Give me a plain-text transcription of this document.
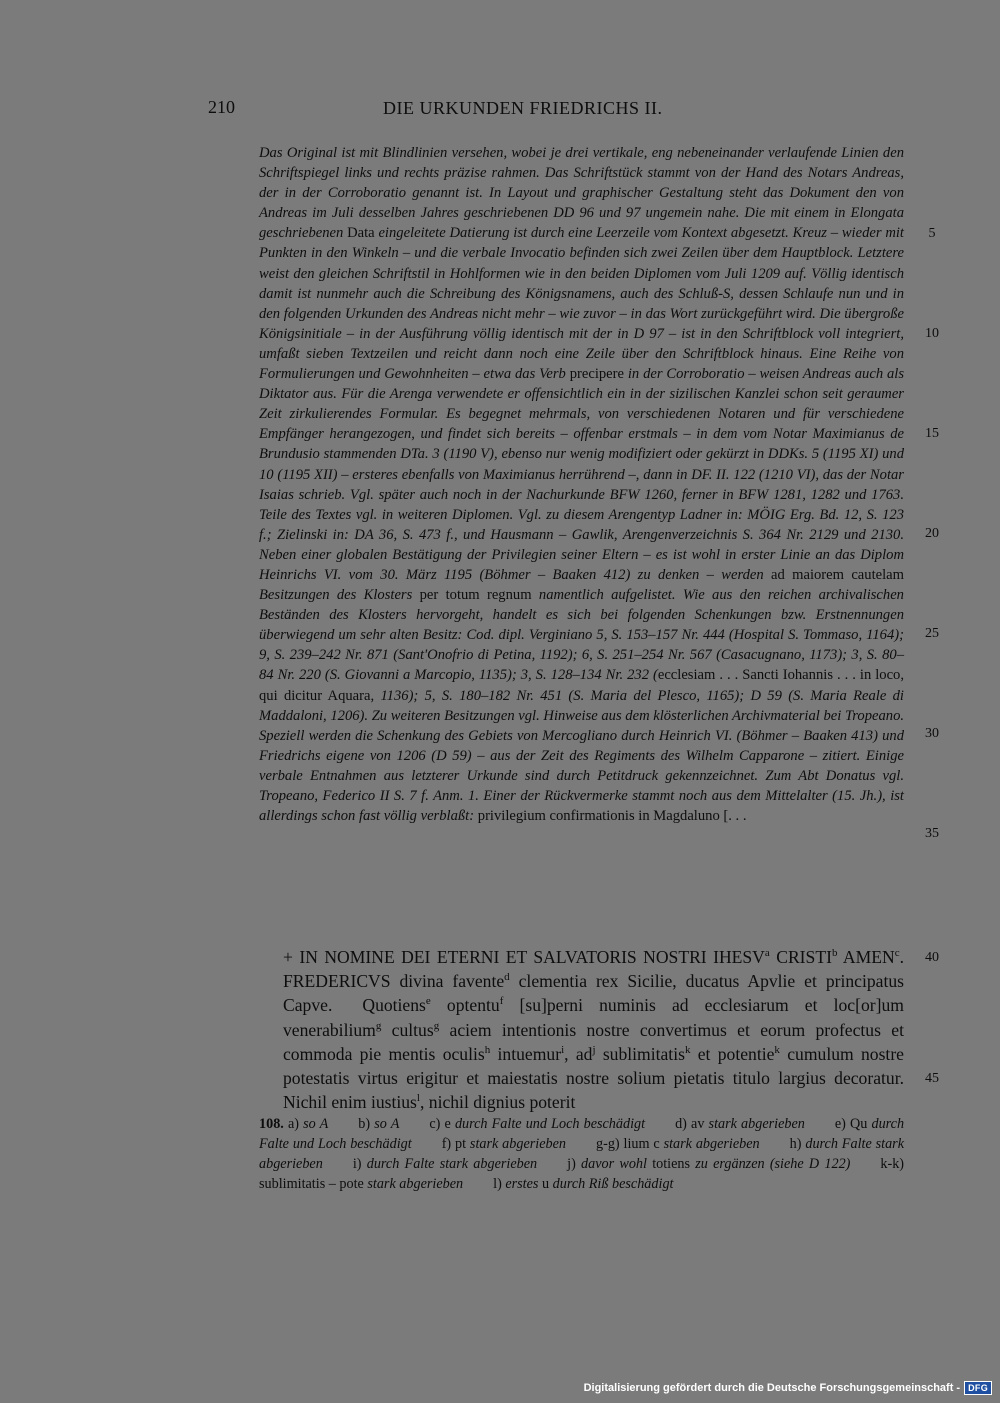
210	DIE URKUNDEN FRIEDRICHS II.

Das Original ist mit Blindlinien versehen, wobei je drei vertikale, eng nebeneinander verlaufende Linien den Schriftspiegel links und rechts präzise rahmen. Das Schriftstück stammt von der Hand des Notars Andreas, der in der Corroboratio genannt ist. In Layout und graphischer Gestaltung steht das Dokument den von Andreas im Juli desselben Jahres geschriebenen DD 96 und 97 ungemein nahe. Die mit einem in Elongata geschriebenen Data eingeleitete Datierung ist durch eine Leerzeile vom Kontext abgesetzt. Kreuz – wieder mit Punkten in den Winkeln – und die verbale Invocatio befinden sich zwei Zeilen über dem Hauptblock. Letztere weist den gleichen Schriftstil in Hohlformen wie in den beiden Diplomen vom Juli 1209 auf. Völlig identisch damit ist nunmehr auch die Schreibung des Königsnamens, auch des Schluß-S, dessen Schlaufe nun und in den folgenden Urkunden des Andreas nicht mehr – wie zuvor – in das Wort zurückgeführt wird. Die übergroße Königsinitiale – in der Ausführung völlig identisch mit der in D 97 – ist in den Schriftblock voll integriert, umfaßt sieben Textzeilen und reicht dann noch eine Zeile über den Schriftblock hinaus. Eine Reihe von Formulierungen und Gewohnheiten – etwa das Verb precipere in der Corroboratio – weisen Andreas auch als Diktator aus. Für die Arenga verwendete er offensichtlich ein in der sizilischen Kanzlei schon seit geraumer Zeit zirkulierendes Formular. Es begegnet mehrmals, von verschiedenen Notaren und für verschiedene Empfänger herangezogen, und findet sich bereits – offenbar erstmals – in dem vom Notar Maximianus de Brundusio stammenden DTa. 3 (1190 V), ebenso nur wenig modifiziert oder gekürzt in DDKs. 5 (1195 XI) und 10 (1195 XII) – ersteres ebenfalls von Maximianus herrührend –, dann in DF. II. 122 (1210 VI), das der Notar Isaias schrieb. Vgl. später auch noch in der Nachurkunde BFW 1260, ferner in BFW 1281, 1282 und 1763. Teile des Textes vgl. in weiteren Diplomen. Vgl. zu diesem Arengentyp Ladner in: MÖIG Erg. Bd. 12, S. 123 f.; Zielinski in: DA 36, S. 473 f., und Hausmann – Gawlik, Arengenverzeichnis S. 364 Nr. 2129 und 2130. Neben einer globalen Bestätigung der Privilegien seiner Eltern – es ist wohl in erster Linie an das Diplom Heinrichs VI. vom 30. März 1195 (Böhmer – Baaken 412) zu denken – werden ad maiorem cautelam Besitzungen des Klosters per totum regnum namentlich aufgelistet. Wie aus den reichen archivalischen Beständen des Klosters hervorgeht, handelt es sich bei folgenden Schenkungen bzw. Erstnennungen überwiegend um sehr alten Besitz: Cod. dipl. Verginiano 5, S. 153–157 Nr. 444 (Hospital S. Tommaso, 1164); 9, S. 239–242 Nr. 871 (Sant'Onofrio di Petina, 1192); 6, S. 251–254 Nr. 567 (Casacugnano, 1173); 3, S. 80–84 Nr. 220 (S. Giovanni a Marcopio, 1135); 3, S. 128–134 Nr. 232 (ecclesiam . . . Sancti Iohannis . . . in loco, qui dicitur Aquara, 1136); 5, S. 180–182 Nr. 451 (S. Maria del Plesco, 1165); D 59 (S. Maria Reale di Maddaloni, 1206). Zu weiteren Besitzungen vgl. Hinweise aus dem klösterlichen Archivmaterial bei Tropeano. Speziell werden die Schenkung des Gebiets von Mercogliano durch Heinrich VI. (Böhmer – Baaken 413) und Friedrichs eigene von 1206 (D 59) – aus der Zeit des Regiments des Wilhelm Capparone – zitiert. Einige verbale Entnahmen aus letzterer Urkunde sind durch Petitdruck gekennzeichnet. Zum Abt Donatus vgl. Tropeano, Federico II S. 7 f. Anm. 1. Einer der Rückvermerke stammt noch aus dem Mittelalter (15. Jh.), ist allerdings schon fast völlig verblaßt: privilegium confirmationis in Magdaluno [. . .

5
10
15
20
25
30
35
40
45

+ IN NOMINE DEI ETERNI ET SALVATORIS NOSTRI IHESV$^a$ CRISTI$^b$ AMEN$^c$. FREDERICVS divina favente$^d$ clementia rex Sicilie, ducatus Apvlie et principatus Capve. Quotiens$^e$ optentu$^f$ [su]perni numinis ad ecclesiarum et loc[or]um venerabilium$^g$ cultus$^g$ aciem intentionis nostre convertimus et eorum profectus et commoda pie mentis oculis$^h$ intuemur$^i$, $ad^j$ sublimitatis$^k$ et potentie$^k$ cumulum nostre potestatis virtus erigitur et maiestatis nostre solium pietatis titulo largius decoratur. Nichil enim iustius$^l$, nichil dignius poterit

108. a) so A b) so A c) e durch Falte und Loch beschädigt d) av stark abgerieben e) Qu durch Falte und Loch beschädigt f) pt stark abgerieben g-g) lium c stark abgerieben h) durch Falte stark abgerieben i) durch Falte stark abgerieben j) davor wohl totiens zu ergänzen (siehe D 122) k-k) sublimitatis – pote stark abgerieben l) erstes u durch Riß beschädigt

Digitalisierung gefördert durch die Deutsche Forschungsgemeinschaft - DFG
